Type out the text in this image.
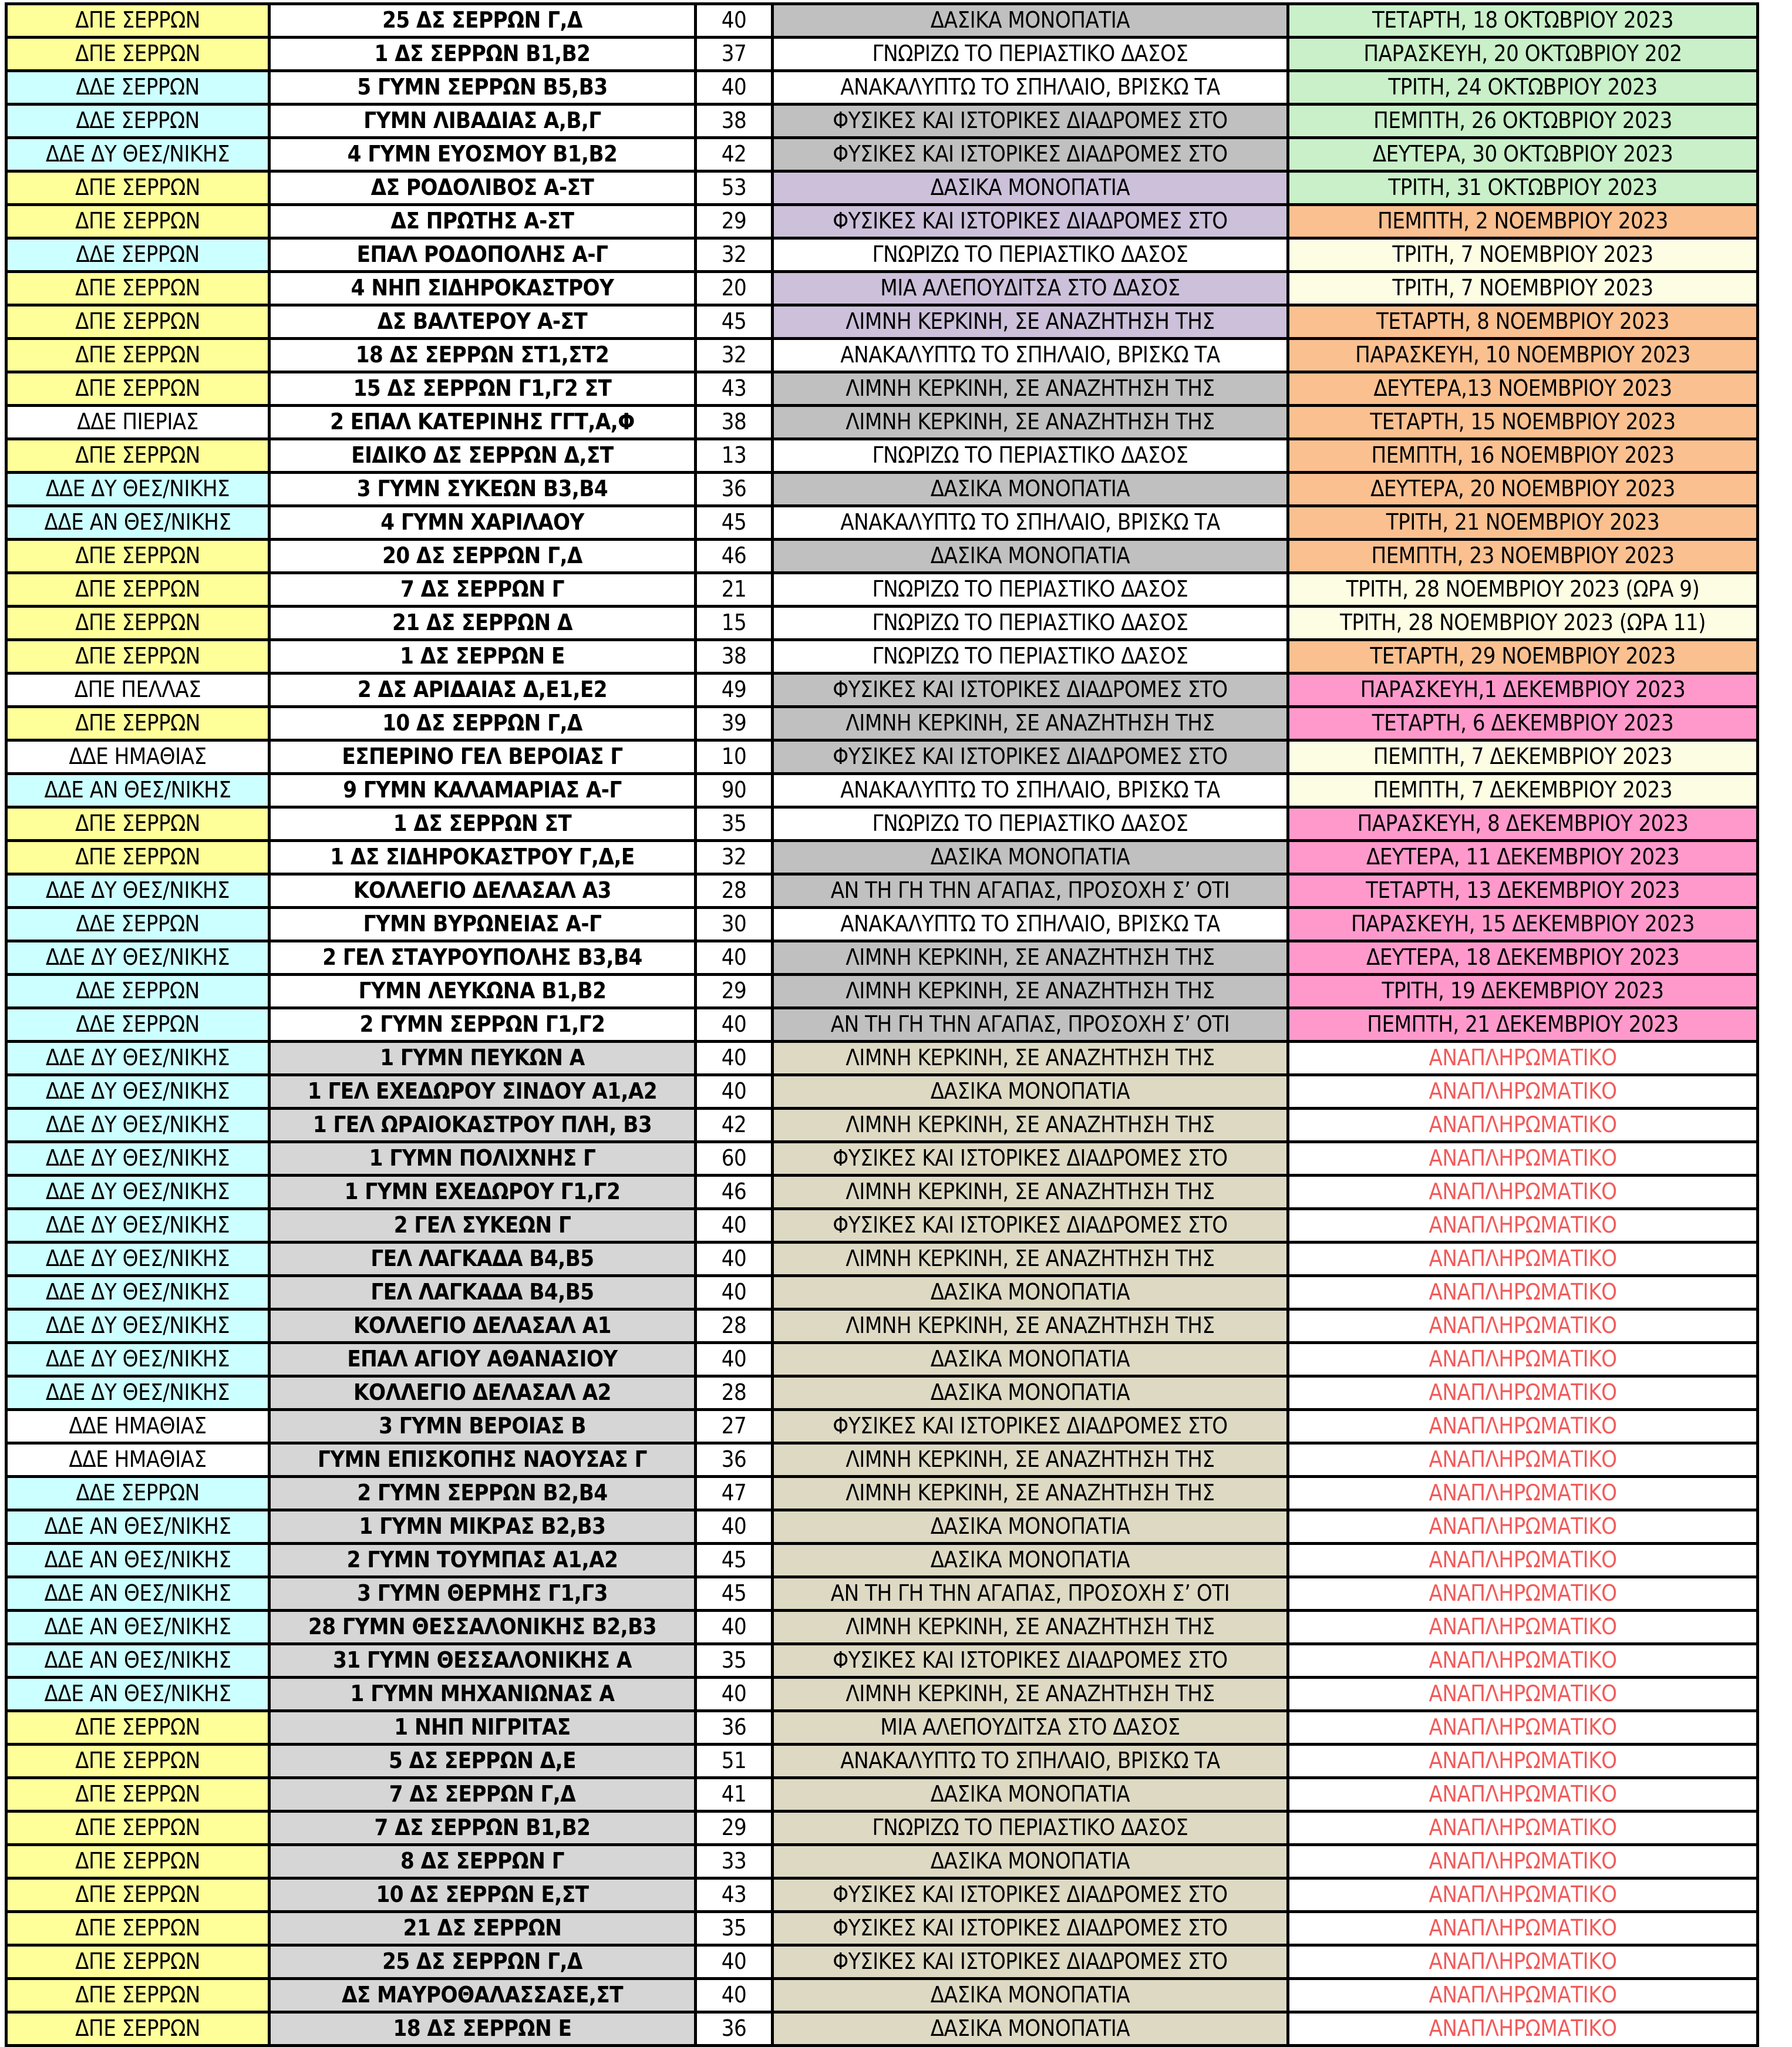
ΔΠΕ ΣΕΡΡΩΝ	25 ΔΣ ΣΕΡΡΩΝ Γ,Δ	40	ΔΑΣΙΚΑ ΜΟΝΟΠΑΤΙΑ	ΤΕΤΑΡΤΗ, 18 ΟΚΤΩΒΡΙΟΥ 2023
ΔΠΕ ΣΕΡΡΩΝ	1 ΔΣ ΣΕΡΡΩΝ Β1,Β2	37	ΓΝΩΡΙΖΩ ΤΟ ΠΕΡΙΑΣΤΙΚΟ ΔΑΣΟΣ	ΠΑΡΑΣΚΕΥΗ, 20 ΟΚΤΩΒΡΙΟΥ 202
ΔΔΕ ΣΕΡΡΩΝ	5 ΓΥΜΝ ΣΕΡΡΩΝ Β5,Β3	40	ΑΝΑΚΑΛΥΠΤΩ ΤΟ ΣΠΗΛΑΙΟ, ΒΡΙΣΚΩ ΤΑ	ΤΡΙΤΗ, 24 ΟΚΤΩΒΡΙΟΥ 2023
ΔΔΕ ΣΕΡΡΩΝ	ΓΥΜΝ ΛΙΒΑΔΙΑΣ Α,Β,Γ	38	ΦΥΣΙΚΕΣ ΚΑΙ ΙΣΤΟΡΙΚΕΣ ΔΙΑΔΡΟΜΕΣ ΣΤΟ	ΠΕΜΠΤΗ, 26 ΟΚΤΩΒΡΙΟΥ 2023
ΔΔΕ ΔΥ ΘΕΣ/ΝΙΚΗΣ	4 ΓΥΜΝ ΕΥΟΣΜΟΥ Β1,Β2	42	ΦΥΣΙΚΕΣ ΚΑΙ ΙΣΤΟΡΙΚΕΣ ΔΙΑΔΡΟΜΕΣ ΣΤΟ	ΔΕΥΤΕΡΑ, 30 ΟΚΤΩΒΡΙΟΥ 2023
ΔΠΕ ΣΕΡΡΩΝ	ΔΣ ΡΟΔΟΛΙΒΟΣ Α-ΣΤ	53	ΔΑΣΙΚΑ ΜΟΝΟΠΑΤΙΑ	ΤΡΙΤΗ, 31 ΟΚΤΩΒΡΙΟΥ 2023
ΔΠΕ ΣΕΡΡΩΝ	ΔΣ ΠΡΩΤΗΣ Α-ΣΤ	29	ΦΥΣΙΚΕΣ ΚΑΙ ΙΣΤΟΡΙΚΕΣ ΔΙΑΔΡΟΜΕΣ ΣΤΟ	ΠΕΜΠΤΗ, 2 ΝΟΕΜΒΡΙΟΥ 2023
ΔΔΕ ΣΕΡΡΩΝ	ΕΠΑΛ ΡΟΔΟΠΟΛΗΣ Α-Γ	32	ΓΝΩΡΙΖΩ ΤΟ ΠΕΡΙΑΣΤΙΚΟ ΔΑΣΟΣ	ΤΡΙΤΗ, 7 ΝΟΕΜΒΡΙΟΥ 2023
ΔΠΕ ΣΕΡΡΩΝ	4 ΝΗΠ ΣΙΔΗΡΟΚΑΣΤΡΟΥ	20	ΜΙΑ ΑΛΕΠΟΥΔΙΤΣΑ ΣΤΟ ΔΑΣΟΣ	ΤΡΙΤΗ, 7 ΝΟΕΜΒΡΙΟΥ 2023
ΔΠΕ ΣΕΡΡΩΝ	ΔΣ ΒΑΛΤΕΡΟΥ Α-ΣΤ	45	ΛΙΜΝΗ ΚΕΡΚΙΝΗ, ΣΕ ΑΝΑΖΗΤΗΣΗ ΤΗΣ	ΤΕΤΑΡΤΗ, 8 ΝΟΕΜΒΡΙΟΥ 2023
ΔΠΕ ΣΕΡΡΩΝ	18 ΔΣ ΣΕΡΡΩΝ ΣΤ1,ΣΤ2	32	ΑΝΑΚΑΛΥΠΤΩ ΤΟ ΣΠΗΛΑΙΟ, ΒΡΙΣΚΩ ΤΑ	ΠΑΡΑΣΚΕΥΗ, 10 ΝΟΕΜΒΡΙΟΥ 2023
ΔΠΕ ΣΕΡΡΩΝ	15 ΔΣ ΣΕΡΡΩΝ Γ1,Γ2 ΣΤ	43	ΛΙΜΝΗ ΚΕΡΚΙΝΗ, ΣΕ ΑΝΑΖΗΤΗΣΗ ΤΗΣ	ΔΕΥΤΕΡΑ,13 ΝΟΕΜΒΡΙΟΥ 2023
ΔΔΕ ΠΙΕΡΙΑΣ	2 ΕΠΑΛ ΚΑΤΕΡΙΝΗΣ ΓΓΤ,Α,Φ	38	ΛΙΜΝΗ ΚΕΡΚΙΝΗ, ΣΕ ΑΝΑΖΗΤΗΣΗ ΤΗΣ	ΤΕΤΑΡΤΗ, 15 ΝΟΕΜΒΡΙΟΥ 2023
ΔΠΕ ΣΕΡΡΩΝ	ΕΙΔΙΚΟ ΔΣ ΣΕΡΡΩΝ Δ,ΣΤ	13	ΓΝΩΡΙΖΩ ΤΟ ΠΕΡΙΑΣΤΙΚΟ ΔΑΣΟΣ	ΠΕΜΠΤΗ, 16 ΝΟΕΜΒΡΙΟΥ 2023
ΔΔΕ ΔΥ ΘΕΣ/ΝΙΚΗΣ	3 ΓΥΜΝ ΣΥΚΕΩΝ Β3,Β4	36	ΔΑΣΙΚΑ ΜΟΝΟΠΑΤΙΑ	ΔΕΥΤΕΡΑ, 20 ΝΟΕΜΒΡΙΟΥ 2023
ΔΔΕ ΑΝ ΘΕΣ/ΝΙΚΗΣ	4 ΓΥΜΝ ΧΑΡΙΛΑΟΥ	45	ΑΝΑΚΑΛΥΠΤΩ ΤΟ ΣΠΗΛΑΙΟ, ΒΡΙΣΚΩ ΤΑ	ΤΡΙΤΗ, 21 ΝΟΕΜΒΡΙΟΥ 2023
ΔΠΕ ΣΕΡΡΩΝ	20 ΔΣ ΣΕΡΡΩΝ Γ,Δ	46	ΔΑΣΙΚΑ ΜΟΝΟΠΑΤΙΑ	ΠΕΜΠΤΗ, 23 ΝΟΕΜΒΡΙΟΥ 2023
ΔΠΕ ΣΕΡΡΩΝ	7 ΔΣ ΣΕΡΡΩΝ Γ	21	ΓΝΩΡΙΖΩ ΤΟ ΠΕΡΙΑΣΤΙΚΟ ΔΑΣΟΣ	ΤΡΙΤΗ, 28 ΝΟΕΜΒΡΙΟΥ 2023 (ΩΡΑ 9)
ΔΠΕ ΣΕΡΡΩΝ	21 ΔΣ ΣΕΡΡΩΝ Δ	15	ΓΝΩΡΙΖΩ ΤΟ ΠΕΡΙΑΣΤΙΚΟ ΔΑΣΟΣ	ΤΡΙΤΗ, 28 ΝΟΕΜΒΡΙΟΥ 2023 (ΩΡΑ 11)
ΔΠΕ ΣΕΡΡΩΝ	1 ΔΣ ΣΕΡΡΩΝ Ε	38	ΓΝΩΡΙΖΩ ΤΟ ΠΕΡΙΑΣΤΙΚΟ ΔΑΣΟΣ	ΤΕΤΑΡΤΗ, 29 ΝΟΕΜΒΡΙΟΥ 2023
ΔΠΕ ΠΕΛΛΑΣ	2 ΔΣ ΑΡΙΔΑΙΑΣ Δ,Ε1,Ε2	49	ΦΥΣΙΚΕΣ ΚΑΙ ΙΣΤΟΡΙΚΕΣ ΔΙΑΔΡΟΜΕΣ ΣΤΟ	ΠΑΡΑΣΚΕΥΗ,1 ΔΕΚΕΜΒΡΙΟΥ 2023
ΔΠΕ ΣΕΡΡΩΝ	10 ΔΣ ΣΕΡΡΩΝ Γ,Δ	39	ΛΙΜΝΗ ΚΕΡΚΙΝΗ, ΣΕ ΑΝΑΖΗΤΗΣΗ ΤΗΣ	ΤΕΤΑΡΤΗ, 6 ΔΕΚΕΜΒΡΙΟΥ 2023
ΔΔΕ ΗΜΑΘΙΑΣ	ΕΣΠΕΡΙΝΟ ΓΕΛ ΒΕΡΟΙΑΣ Γ	10	ΦΥΣΙΚΕΣ ΚΑΙ ΙΣΤΟΡΙΚΕΣ ΔΙΑΔΡΟΜΕΣ ΣΤΟ	ΠΕΜΠΤΗ, 7 ΔΕΚΕΜΒΡΙΟΥ 2023
ΔΔΕ ΑΝ ΘΕΣ/ΝΙΚΗΣ	9 ΓΥΜΝ ΚΑΛΑΜΑΡΙΑΣ Α-Γ	90	ΑΝΑΚΑΛΥΠΤΩ ΤΟ ΣΠΗΛΑΙΟ, ΒΡΙΣΚΩ ΤΑ	ΠΕΜΠΤΗ, 7 ΔΕΚΕΜΒΡΙΟΥ 2023
ΔΠΕ ΣΕΡΡΩΝ	1 ΔΣ ΣΕΡΡΩΝ ΣΤ	35	ΓΝΩΡΙΖΩ ΤΟ ΠΕΡΙΑΣΤΙΚΟ ΔΑΣΟΣ	ΠΑΡΑΣΚΕΥΗ, 8 ΔΕΚΕΜΒΡΙΟΥ 2023
ΔΠΕ ΣΕΡΡΩΝ	1 ΔΣ ΣΙΔΗΡΟΚΑΣΤΡΟΥ Γ,Δ,Ε	32	ΔΑΣΙΚΑ ΜΟΝΟΠΑΤΙΑ	ΔΕΥΤΕΡΑ, 11 ΔΕΚΕΜΒΡΙΟΥ 2023
ΔΔΕ ΔΥ ΘΕΣ/ΝΙΚΗΣ	ΚΟΛΛΕΓΙΟ ΔΕΛΑΣΑΛ Α3	28	ΑΝ ΤΗ ΓΗ ΤΗΝ ΑΓΑΠΑΣ, ΠΡΟΣΟΧΗ Σ’ ΟΤΙ	ΤΕΤΑΡΤΗ, 13 ΔΕΚΕΜΒΡΙΟΥ 2023
ΔΔΕ ΣΕΡΡΩΝ	ΓΥΜΝ ΒΥΡΩΝΕΙΑΣ Α-Γ	30	ΑΝΑΚΑΛΥΠΤΩ ΤΟ ΣΠΗΛΑΙΟ, ΒΡΙΣΚΩ ΤΑ	ΠΑΡΑΣΚΕΥΗ, 15 ΔΕΚΕΜΒΡΙΟΥ 2023
ΔΔΕ ΔΥ ΘΕΣ/ΝΙΚΗΣ	2 ΓΕΛ ΣΤΑΥΡΟΥΠΟΛΗΣ Β3,Β4	40	ΛΙΜΝΗ ΚΕΡΚΙΝΗ, ΣΕ ΑΝΑΖΗΤΗΣΗ ΤΗΣ	ΔΕΥΤΕΡΑ, 18 ΔΕΚΕΜΒΡΙΟΥ 2023
ΔΔΕ ΣΕΡΡΩΝ	ΓΥΜΝ ΛΕΥΚΩΝΑ Β1,Β2	29	ΛΙΜΝΗ ΚΕΡΚΙΝΗ, ΣΕ ΑΝΑΖΗΤΗΣΗ ΤΗΣ	ΤΡΙΤΗ, 19 ΔΕΚΕΜΒΡΙΟΥ 2023
ΔΔΕ ΣΕΡΡΩΝ	2 ΓΥΜΝ ΣΕΡΡΩΝ Γ1,Γ2	40	ΑΝ ΤΗ ΓΗ ΤΗΝ ΑΓΑΠΑΣ, ΠΡΟΣΟΧΗ Σ’ ΟΤΙ	ΠΕΜΠΤΗ, 21 ΔΕΚΕΜΒΡΙΟΥ 2023
ΔΔΕ ΔΥ ΘΕΣ/ΝΙΚΗΣ	1 ΓΥΜΝ ΠΕΥΚΩΝ Α	40	ΛΙΜΝΗ ΚΕΡΚΙΝΗ, ΣΕ ΑΝΑΖΗΤΗΣΗ ΤΗΣ	ΑΝΑΠΛΗΡΩΜΑΤΙΚΟ
ΔΔΕ ΔΥ ΘΕΣ/ΝΙΚΗΣ	1 ΓΕΛ ΕΧΕΔΩΡΟΥ ΣΙΝΔΟΥ Α1,Α2	40	ΔΑΣΙΚΑ ΜΟΝΟΠΑΤΙΑ	ΑΝΑΠΛΗΡΩΜΑΤΙΚΟ
ΔΔΕ ΔΥ ΘΕΣ/ΝΙΚΗΣ	1 ΓΕΛ ΩΡΑΙΟΚΑΣΤΡΟΥ ΠΛΗ, Β3	42	ΛΙΜΝΗ ΚΕΡΚΙΝΗ, ΣΕ ΑΝΑΖΗΤΗΣΗ ΤΗΣ	ΑΝΑΠΛΗΡΩΜΑΤΙΚΟ
ΔΔΕ ΔΥ ΘΕΣ/ΝΙΚΗΣ	1 ΓΥΜΝ ΠΟΛΙΧΝΗΣ Γ	60	ΦΥΣΙΚΕΣ ΚΑΙ ΙΣΤΟΡΙΚΕΣ ΔΙΑΔΡΟΜΕΣ ΣΤΟ	ΑΝΑΠΛΗΡΩΜΑΤΙΚΟ
ΔΔΕ ΔΥ ΘΕΣ/ΝΙΚΗΣ	1 ΓΥΜΝ ΕΧΕΔΩΡΟΥ Γ1,Γ2	46	ΛΙΜΝΗ ΚΕΡΚΙΝΗ, ΣΕ ΑΝΑΖΗΤΗΣΗ ΤΗΣ	ΑΝΑΠΛΗΡΩΜΑΤΙΚΟ
ΔΔΕ ΔΥ ΘΕΣ/ΝΙΚΗΣ	2 ΓΕΛ ΣΥΚΕΩΝ Γ	40	ΦΥΣΙΚΕΣ ΚΑΙ ΙΣΤΟΡΙΚΕΣ ΔΙΑΔΡΟΜΕΣ ΣΤΟ	ΑΝΑΠΛΗΡΩΜΑΤΙΚΟ
ΔΔΕ ΔΥ ΘΕΣ/ΝΙΚΗΣ	ΓΕΛ ΛΑΓΚΑΔΑ Β4,Β5	40	ΛΙΜΝΗ ΚΕΡΚΙΝΗ, ΣΕ ΑΝΑΖΗΤΗΣΗ ΤΗΣ	ΑΝΑΠΛΗΡΩΜΑΤΙΚΟ
ΔΔΕ ΔΥ ΘΕΣ/ΝΙΚΗΣ	ΓΕΛ ΛΑΓΚΑΔΑ Β4,Β5	40	ΔΑΣΙΚΑ ΜΟΝΟΠΑΤΙΑ	ΑΝΑΠΛΗΡΩΜΑΤΙΚΟ
ΔΔΕ ΔΥ ΘΕΣ/ΝΙΚΗΣ	ΚΟΛΛΕΓΙΟ ΔΕΛΑΣΑΛ Α1	28	ΛΙΜΝΗ ΚΕΡΚΙΝΗ, ΣΕ ΑΝΑΖΗΤΗΣΗ ΤΗΣ	ΑΝΑΠΛΗΡΩΜΑΤΙΚΟ
ΔΔΕ ΔΥ ΘΕΣ/ΝΙΚΗΣ	ΕΠΑΛ ΑΓΙΟΥ ΑΘΑΝΑΣΙΟΥ	40	ΔΑΣΙΚΑ ΜΟΝΟΠΑΤΙΑ	ΑΝΑΠΛΗΡΩΜΑΤΙΚΟ
ΔΔΕ ΔΥ ΘΕΣ/ΝΙΚΗΣ	ΚΟΛΛΕΓΙΟ ΔΕΛΑΣΑΛ Α2	28	ΔΑΣΙΚΑ ΜΟΝΟΠΑΤΙΑ	ΑΝΑΠΛΗΡΩΜΑΤΙΚΟ
ΔΔΕ ΗΜΑΘΙΑΣ	3 ΓΥΜΝ ΒΕΡΟΙΑΣ Β	27	ΦΥΣΙΚΕΣ ΚΑΙ ΙΣΤΟΡΙΚΕΣ ΔΙΑΔΡΟΜΕΣ ΣΤΟ	ΑΝΑΠΛΗΡΩΜΑΤΙΚΟ
ΔΔΕ ΗΜΑΘΙΑΣ	ΓΥΜΝ ΕΠΙΣΚΟΠΗΣ ΝΑΟΥΣΑΣ Γ	36	ΛΙΜΝΗ ΚΕΡΚΙΝΗ, ΣΕ ΑΝΑΖΗΤΗΣΗ ΤΗΣ	ΑΝΑΠΛΗΡΩΜΑΤΙΚΟ
ΔΔΕ ΣΕΡΡΩΝ	2 ΓΥΜΝ ΣΕΡΡΩΝ Β2,Β4	47	ΛΙΜΝΗ ΚΕΡΚΙΝΗ, ΣΕ ΑΝΑΖΗΤΗΣΗ ΤΗΣ	ΑΝΑΠΛΗΡΩΜΑΤΙΚΟ
ΔΔΕ ΑΝ ΘΕΣ/ΝΙΚΗΣ	1 ΓΥΜΝ ΜΙΚΡΑΣ Β2,Β3	40	ΔΑΣΙΚΑ ΜΟΝΟΠΑΤΙΑ	ΑΝΑΠΛΗΡΩΜΑΤΙΚΟ
ΔΔΕ ΑΝ ΘΕΣ/ΝΙΚΗΣ	2 ΓΥΜΝ ΤΟΥΜΠΑΣ Α1,Α2	45	ΔΑΣΙΚΑ ΜΟΝΟΠΑΤΙΑ	ΑΝΑΠΛΗΡΩΜΑΤΙΚΟ
ΔΔΕ ΑΝ ΘΕΣ/ΝΙΚΗΣ	3 ΓΥΜΝ ΘΕΡΜΗΣ Γ1,Γ3	45	ΑΝ ΤΗ ΓΗ ΤΗΝ ΑΓΑΠΑΣ, ΠΡΟΣΟΧΗ Σ’ ΟΤΙ	ΑΝΑΠΛΗΡΩΜΑΤΙΚΟ
ΔΔΕ ΑΝ ΘΕΣ/ΝΙΚΗΣ	28 ΓΥΜΝ ΘΕΣΣΑΛΟΝΙΚΗΣ Β2,Β3	40	ΛΙΜΝΗ ΚΕΡΚΙΝΗ, ΣΕ ΑΝΑΖΗΤΗΣΗ ΤΗΣ	ΑΝΑΠΛΗΡΩΜΑΤΙΚΟ
ΔΔΕ ΑΝ ΘΕΣ/ΝΙΚΗΣ	31 ΓΥΜΝ ΘΕΣΣΑΛΟΝΙΚΗΣ Α	35	ΦΥΣΙΚΕΣ ΚΑΙ ΙΣΤΟΡΙΚΕΣ ΔΙΑΔΡΟΜΕΣ ΣΤΟ	ΑΝΑΠΛΗΡΩΜΑΤΙΚΟ
ΔΔΕ ΑΝ ΘΕΣ/ΝΙΚΗΣ	1 ΓΥΜΝ ΜΗΧΑΝΙΩΝΑΣ Α	40	ΛΙΜΝΗ ΚΕΡΚΙΝΗ, ΣΕ ΑΝΑΖΗΤΗΣΗ ΤΗΣ	ΑΝΑΠΛΗΡΩΜΑΤΙΚΟ
ΔΠΕ ΣΕΡΡΩΝ	1 ΝΗΠ ΝΙΓΡΙΤΑΣ	36	ΜΙΑ ΑΛΕΠΟΥΔΙΤΣΑ ΣΤΟ ΔΑΣΟΣ	ΑΝΑΠΛΗΡΩΜΑΤΙΚΟ
ΔΠΕ ΣΕΡΡΩΝ	5 ΔΣ ΣΕΡΡΩΝ Δ,Ε	51	ΑΝΑΚΑΛΥΠΤΩ ΤΟ ΣΠΗΛΑΙΟ, ΒΡΙΣΚΩ ΤΑ	ΑΝΑΠΛΗΡΩΜΑΤΙΚΟ
ΔΠΕ ΣΕΡΡΩΝ	7 ΔΣ ΣΕΡΡΩΝ Γ,Δ	41	ΔΑΣΙΚΑ ΜΟΝΟΠΑΤΙΑ	ΑΝΑΠΛΗΡΩΜΑΤΙΚΟ
ΔΠΕ ΣΕΡΡΩΝ	7 ΔΣ ΣΕΡΡΩΝ Β1,Β2	29	ΓΝΩΡΙΖΩ ΤΟ ΠΕΡΙΑΣΤΙΚΟ ΔΑΣΟΣ	ΑΝΑΠΛΗΡΩΜΑΤΙΚΟ
ΔΠΕ ΣΕΡΡΩΝ	8 ΔΣ ΣΕΡΡΩΝ Γ	33	ΔΑΣΙΚΑ ΜΟΝΟΠΑΤΙΑ	ΑΝΑΠΛΗΡΩΜΑΤΙΚΟ
ΔΠΕ ΣΕΡΡΩΝ	10 ΔΣ ΣΕΡΡΩΝ Ε,ΣΤ	43	ΦΥΣΙΚΕΣ ΚΑΙ ΙΣΤΟΡΙΚΕΣ ΔΙΑΔΡΟΜΕΣ ΣΤΟ	ΑΝΑΠΛΗΡΩΜΑΤΙΚΟ
ΔΠΕ ΣΕΡΡΩΝ	21 ΔΣ ΣΕΡΡΩΝ	35	ΦΥΣΙΚΕΣ ΚΑΙ ΙΣΤΟΡΙΚΕΣ ΔΙΑΔΡΟΜΕΣ ΣΤΟ	ΑΝΑΠΛΗΡΩΜΑΤΙΚΟ
ΔΠΕ ΣΕΡΡΩΝ	25 ΔΣ ΣΕΡΡΩΝ Γ,Δ	40	ΦΥΣΙΚΕΣ ΚΑΙ ΙΣΤΟΡΙΚΕΣ ΔΙΑΔΡΟΜΕΣ ΣΤΟ	ΑΝΑΠΛΗΡΩΜΑΤΙΚΟ
ΔΠΕ ΣΕΡΡΩΝ	ΔΣ ΜΑΥΡΟΘΑΛΑΣΣΑΣΕ,ΣΤ	40	ΔΑΣΙΚΑ ΜΟΝΟΠΑΤΙΑ	ΑΝΑΠΛΗΡΩΜΑΤΙΚΟ
ΔΠΕ ΣΕΡΡΩΝ	18 ΔΣ ΣΕΡΡΩΝ Ε	36	ΔΑΣΙΚΑ ΜΟΝΟΠΑΤΙΑ	ΑΝΑΠΛΗΡΩΜΑΤΙΚΟ
